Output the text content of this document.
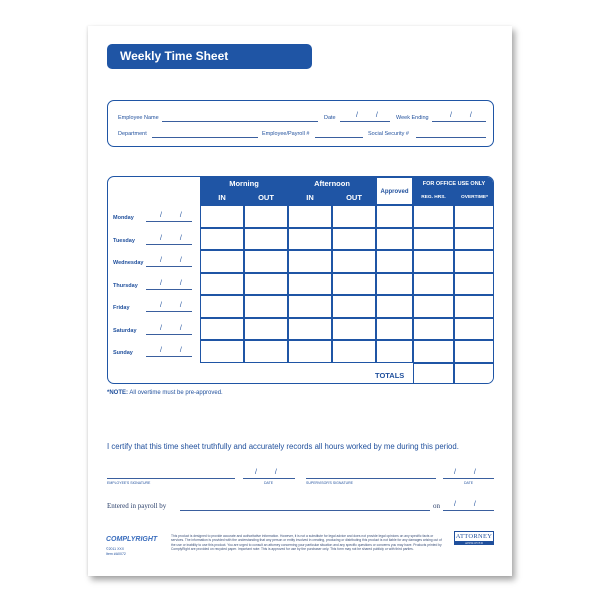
Weekly Time Sheet
Employee Name	Date	/ / Week Ending	/ /
Department	Employee/Payroll #	Social Security #
Morning	Afternoon
IN	OUT	IN	OUT
Approved
FOR OFFICE USE ONLY
REG. HRS.	OVERTIME*
Monday	/ /
Tuesday	/ /
Wednesday / /
Thursday	/ /
Friday	/ /
Saturday	/ /
Sunday	/ /
TOTALS
*NOTE: All overtime must be pre-approved.
I certify that this time sheet truthfully and accurately records all hours worked by me during this period.
EMPLOYEE'S SIGNATURE
/ /
DATE	SUPERVISOR'S SIGNATURE
/ /
DATE
Entered in payroll by	on / /
COMPLYRIGHT
©2011 XXX
Item #A0072
This product is designed to provide accurate and authoritative information. However, it is not a substitute for legal advice and does not provide legal opinions on any specific facts or services. The information is provided with the understanding that any person or entity involved in creating, producing or distributing this product is not liable for any damages arising out of the use or inability to use this product. You are urged to consult an attorney concerning your particular situation and any specific questions or concerns you may have. Products printed by ComplyRight are provided on recycled paper. Important note: This is approved for use by the purchaser only. This form may not be shared publicly or with third parties.
ATTORNEY
APPROVED
